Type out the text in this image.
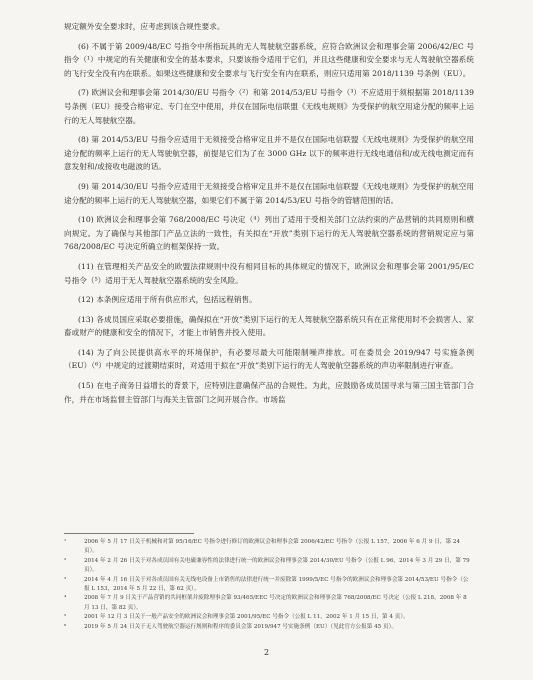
规定额外安全要求时，应考虑到该合规性要求。

(6) 不属于第 2009/48/EC 号指令中所指玩具的无人驾驶航空器系统，应符合欧洲议会和理事会第 2006/42/EC 号指令（¹）中规定的有关健康和安全的基本要求，只要该指令适用于它们，并且这些健康和安全要求与无人驾驶航空器系统的飞行安全没有内在联系。如果这些健康和安全要求与飞行安全有内在联系，则应只适用第 2018/1139 号条例（EU）。

(7) 欧洲议会和理事会第 2014/30/EU 号指令（²）和第 2014/53/EU 号指令（³）不应适用于须根据第 2018/1139 号条例（EU）接受合格审定、专门在空中使用，并仅在国际电信联盟《无线电规则》为受保护的航空用途分配的频率上运行的无人驾驶航空器。

(8) 第 2014/53/EU 号指令应适用于无须接受合格审定且并不是仅在国际电信联盟《无线电规则》为受保护的航空用途分配的频率上运行的无人驾驶航空器，前提是它们为了在 3000 GHz 以下的频率进行无线电通信和/或无线电测定而有意发射和/或接收电磁波的话。

(9) 第 2014/30/EU 号指令应适用于无须接受合格审定且并不是仅在国际电信联盟《无线电规则》为受保护的航空用途分配的频率上运行的无人驾驶航空器，如果它们不属于第 2014/53/EU 号指令的管辖范围的话。

(10) 欧洲议会和理事会第 768/2008/EC 号决定（⁴）列出了适用于受相关部门立法约束的产品营销的共同原则和横向规定。为了确保与其他部门产品立法的一致性，有关拟在“开放”类别下运行的无人驾驶航空器系统的营销规定应与第 768/2008/EC 号决定所确立的框架保持一致。

(11) 在管理相关产品安全的欧盟法律规则中没有相同目标的具体规定的情况下，欧洲议会和理事会第 2001/95/EC 号指令（⁵）适用于无人驾驶航空器系统的安全风险。

(12) 本条例应适用于所有供应形式，包括远程销售。

(13) 各成员国应采取必要措施，确保拟在“开放”类别下运行的无人驾驶航空器系统只有在正常使用时不会损害人、家畜或财产的健康和安全的情况下，才能上市销售并投入使用。

(14) 为了向公民提供高水平的环境保护，有必要尽最大可能限制噪声排放。可在委员会 2019/947 号实施条例（EU）（⁶）中规定的过渡期结束时，对适用于拟在“开放”类别下运行的无人驾驶航空器系统的声功率限制进行审查。

(15) 在电子商务日益增长的背景下，应特别注意确保产品的合规性。为此，应鼓励各成员国寻求与第三国主管部门合作，并在市场监督主管部门与海关主管部门之间开展合作。市场监

¹	2006 年 5 月 17 日关于机械和对第 95/16/EC 号指令进行修订的欧洲议会和理事会第 2006/42/EC 号指令（公报 L 157，2006 年 6 月 9 日，第 24 页）。
²	2014 年 2 月 26 日关于对各成员国有关电磁兼容性的法律进行统一的欧洲议会和理事会第 2014/30/EU 号指令（公报 L 96，2014 年 3 月 29 日，第 79 页）。
³	2014 年 4 月 16 日关于对各成员国有关无线电设备上市销售的法律进行统一并废除第 1999/5/EC 号指令的欧洲议会和理事会第 2014/53/EU 号指令（公报 L 153，2014 年 5 月 22 日，第 62 页）。
⁴	2008 年 7 月 9 日关于产品营销的共同框架并废除理事会第 93/465/EEC 号决定的欧洲议会和理事会第 768/2008/EC 号决定（公报 L 218，2008 年 8 月 13 日，第 82 页）。
⁵	2001 年 12 月 3 日关于一般产品安全的欧洲议会和理事会第 2001/95/EC 号指令（公报 L 11，2002 年 1 月 15 日，第 4 页）。
⁶	2019 年 5 月 24 日关于无人驾驶航空器运行规则和程序的委员会第 2019/947 号实施条例（EU）（见此官方公报第 45 页）。
2
